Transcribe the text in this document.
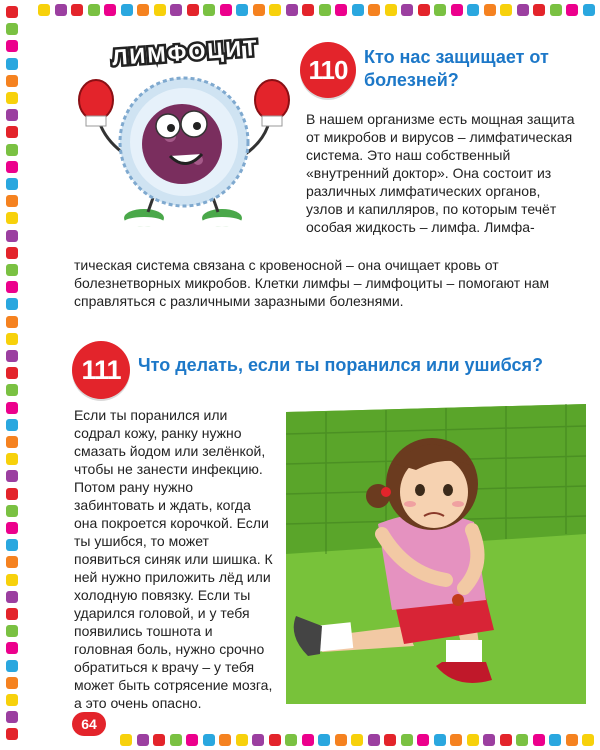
ЛИМФОЦИТ	110 Кто нас защищает от болезней?
В нашем организме есть мощная защита от микробов и вирусов – лимфатическая система. Это наш собственный «внутренний доктор». Она состоит из различных лимфатических органов, узлов и капилляров, по которым течёт особая жидкость – лимфа. Лимфа-
тическая система связана с кровеносной – она очищает кровь от болезнетворных микробов. Клетки лимфы – лимфоциты – помогают нам справляться с различными заразными болезнями.
111 Что делать, если ты поранился или ушибся?
Если ты поранился или содрал кожу, ранку нужно смазать йодом или зелёнкой, чтобы не занести инфекцию. Потом рану нужно забинтовать и ждать, когда она покроется корочкой. Если ты ушибся, то может появиться синяк или шишка. К ней нужно приложить лёд или холодную повязку. Если ты ударился головой, и у тебя появились тошнота и головная боль, нужно срочно обратиться к врачу – у тебя может быть сотрясение мозга, а это очень опасно.
64
